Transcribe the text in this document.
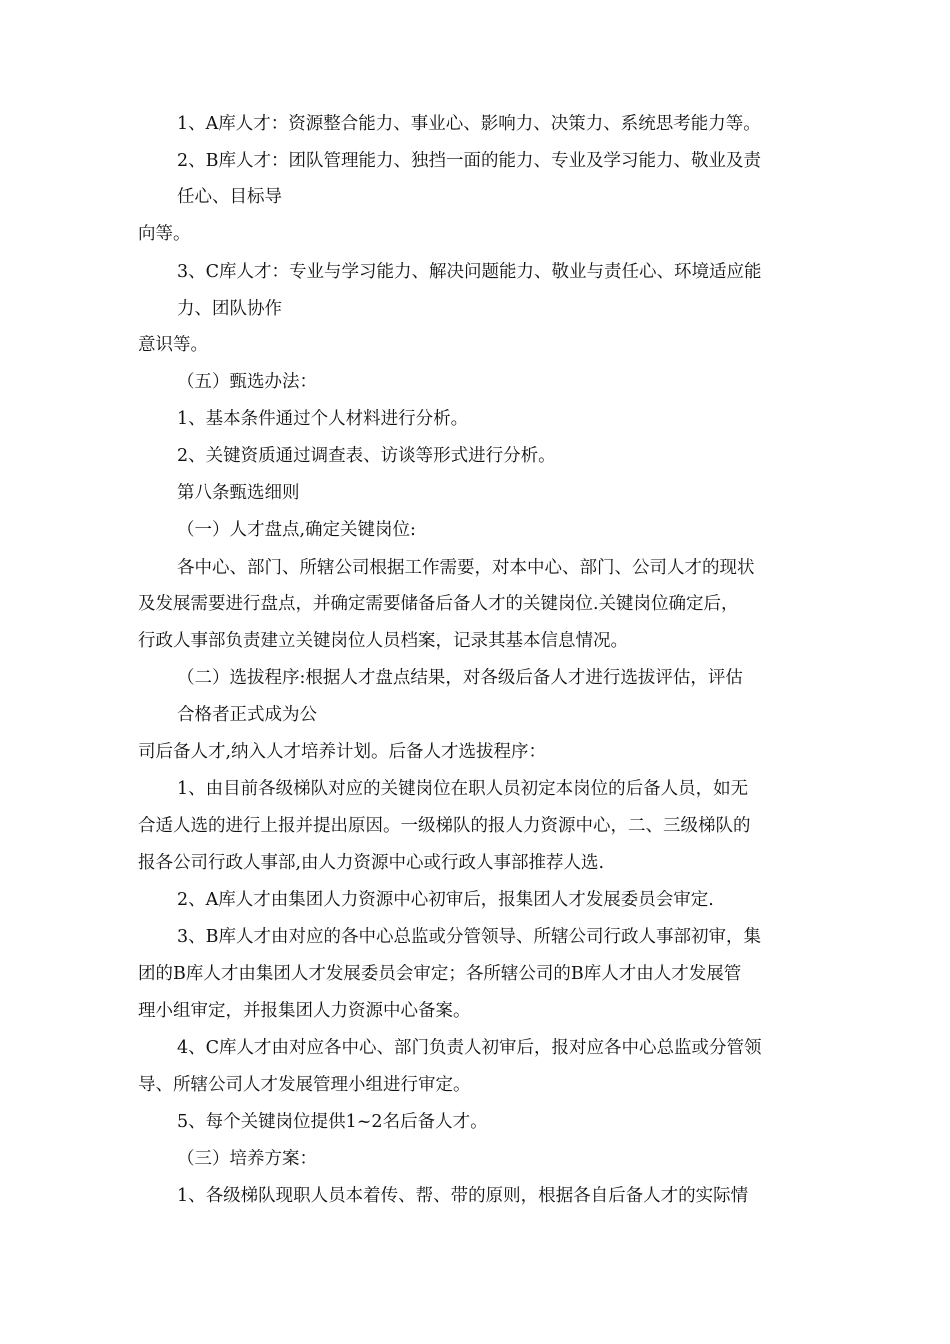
1、A库人才：资源整合能力、事业心、影响力、决策力、系统思考能力等。
2、B库人才：团队管理能力、独挡一面的能力、专业及学习能力、敬业及责
任心、目标导
向等。
3、C库人才：专业与学习能力、解决问题能力、敬业与责任心、环境适应能
力、团队协作
意识等。
（五）甄选办法：
1、基本条件通过个人材料进行分析。
2、关键资质通过调查表、访谈等形式进行分析。
第八条甄选细则
（一）人才盘点,确定关键岗位:
各中心、部门、所辖公司根据工作需要，对本中心、部门、公司人才的现状
及发展需要进行盘点，并确定需要储备后备人才的关键岗位.关键岗位确定后，
行政人事部负责建立关键岗位人员档案，记录其基本信息情况。
（二）选拔程序:根据人才盘点结果，对各级后备人才进行选拔评估，评估
合格者正式成为公
司后备人才,纳入人才培养计划。后备人才选拔程序：
1、由目前各级梯队对应的关键岗位在职人员初定本岗位的后备人员，如无
合适人选的进行上报并提出原因。一级梯队的报人力资源中心，二、三级梯队的
报各公司行政人事部,由人力资源中心或行政人事部推荐人选.
2、A库人才由集团人力资源中心初审后，报集团人才发展委员会审定.
3、B库人才由对应的各中心总监或分管领导、所辖公司行政人事部初审，集
团的B库人才由集团人才发展委员会审定；各所辖公司的B库人才由人才发展管
理小组审定，并报集团人力资源中心备案。
4、C库人才由对应各中心、部门负责人初审后，报对应各中心总监或分管领
导、所辖公司人才发展管理小组进行审定。
5、每个关键岗位提供1~2名后备人才。
（三）培养方案：
1、各级梯队现职人员本着传、帮、带的原则，根据各自后备人才的实际情
